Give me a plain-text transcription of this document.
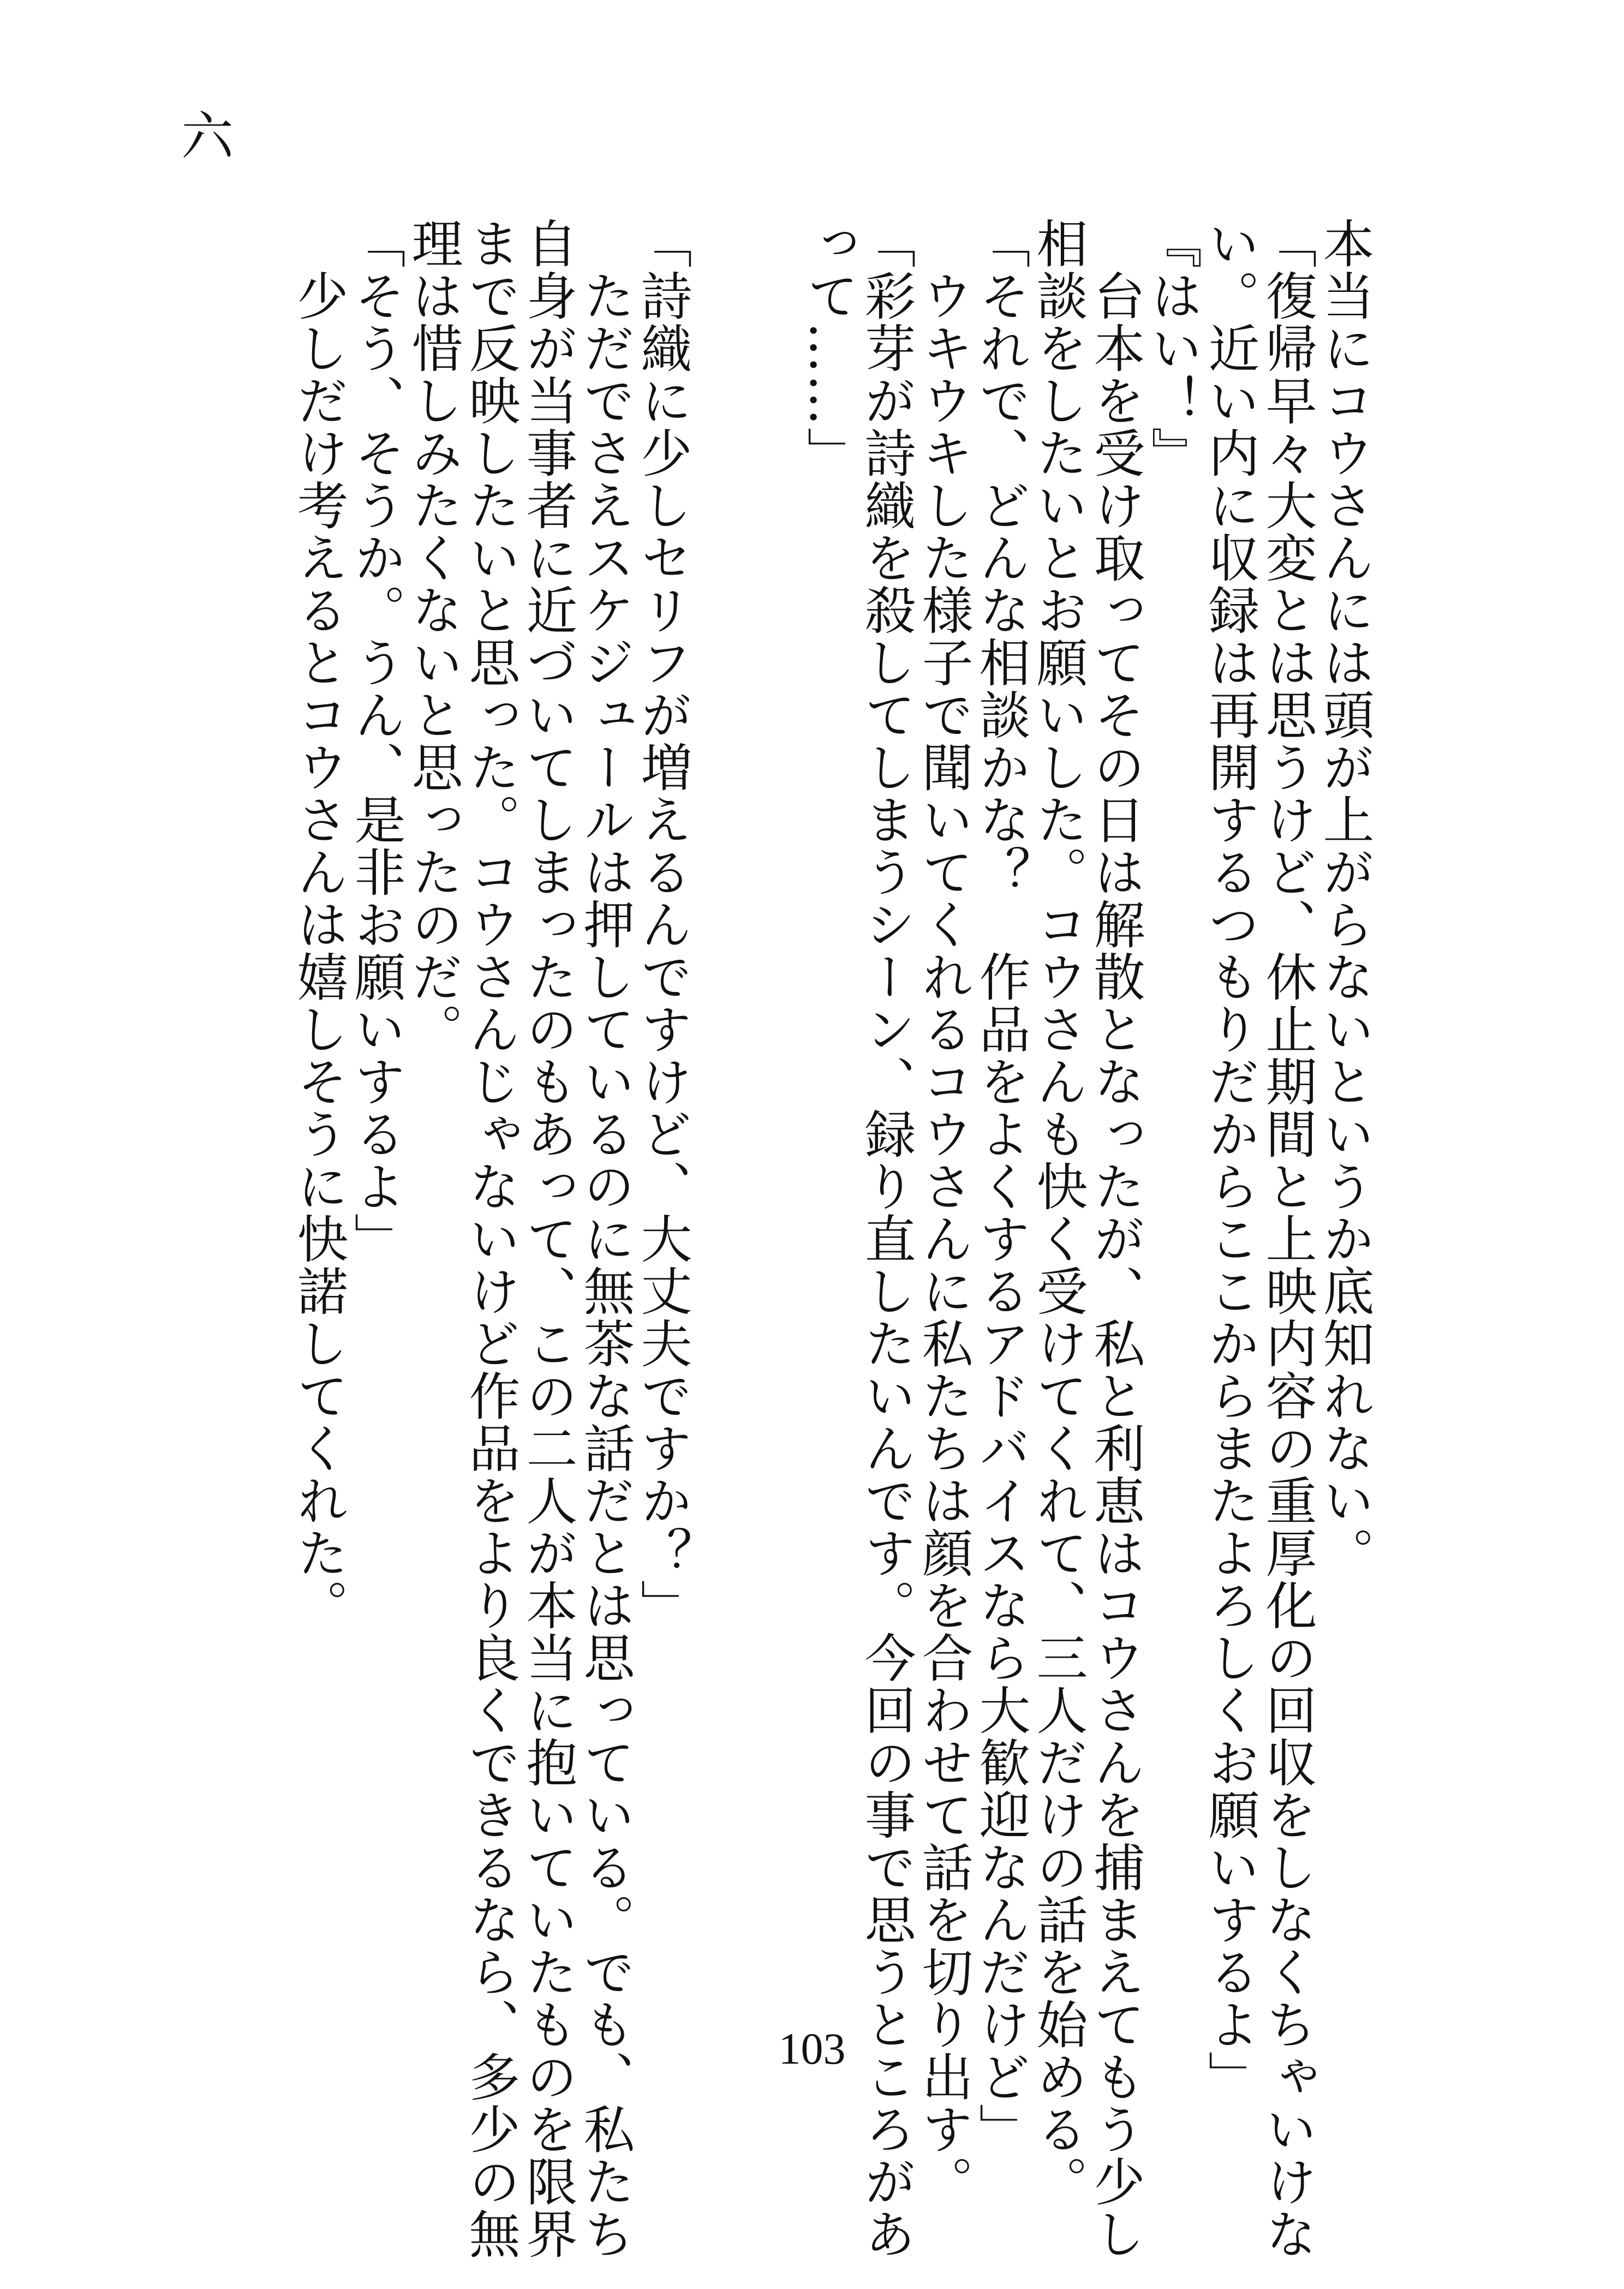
六
本当にコウさんには頭が上がらないというか底知れない。
「復帰早々大変とは思うけど、休止期間と上映内容の重厚化の回収をしなくちゃいけな
い。近い内に収録は再開するつもりだからここからまたよろしくお願いするよ」
『はい！』
　台本を受け取ってその日は解散となったが、私と利恵はコウさんを捕まえてもう少し
相談をしたいとお願いした。コウさんも快く受けてくれて、三人だけの話を始める。
「それで、どんな相談かな？　作品をよくするアドバイスなら大歓迎なんだけど」
　ウキウキした様子で聞いてくれるコウさんに私たちは顔を合わせて話を切り出す。
「彩芽が詩織を殺してしまうシーン、録り直したいんです。今回の事で思うところがあ
って……」
「詩織に少しセリフが増えるんですけど、大丈夫ですか？」
　ただでさえスケジュールは押しているのに無茶な話だとは思っている。でも、私たち
自身が当事者に近づいてしまったのもあって、この二人が本当に抱いていたものを限界
まで反映したいと思った。コウさんじゃないけど作品をより良くできるなら、多少の無
理は惜しみたくないと思ったのだ。
「そう、そうか。うん、是非お願いするよ」
　少しだけ考えるとコウさんは嬉しそうに快諾してくれた。
103
